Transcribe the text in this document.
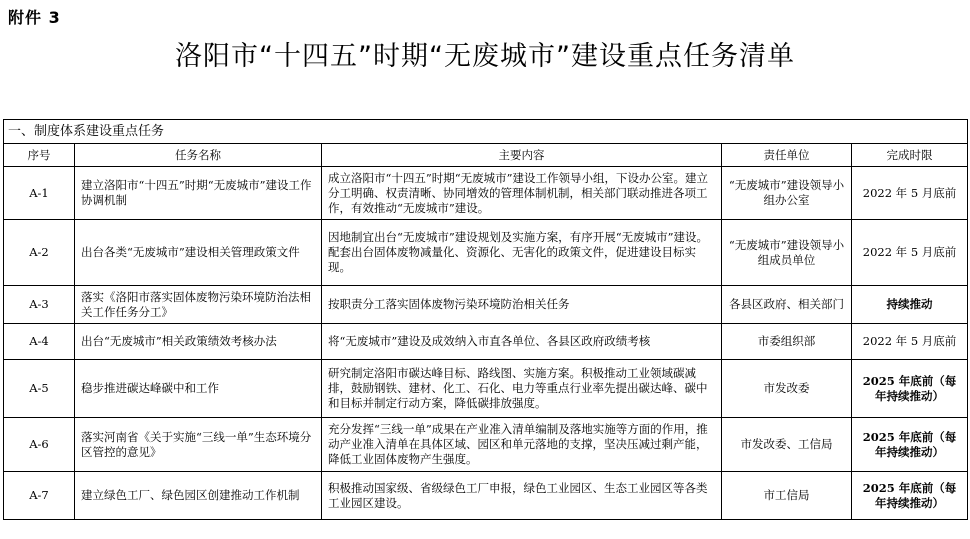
附件 3
洛阳市“十四五”时期“无废城市”建设重点任务清单
一、制度体系建设重点任务				
序号	任务名称	主要内容	责任单位	完成时限
A-1	建立洛阳市“十四五”时期“无废城市”建设工作协调机制	成立洛阳市“十四五”时期“无废城市”建设工作领导小组，下设办公室。建立分工明确、权责清晰、协同增效的管理体制机制，相关部门联动推进各项工作，有效推动“无废城市”建设。	“无废城市”建设领导小组办公室	2022 年 5 月底前
A-2	出台各类“无废城市”建设相关管理政策文件	因地制宜出台“无废城市”建设规划及实施方案，有序开展“无废城市”建设。配套出台固体废物减量化、资源化、无害化的政策文件，促进建设目标实现。	“无废城市”建设领导小组成员单位	2022 年 5 月底前
A-3	落实《洛阳市落实固体废物污染环境防治法相关工作任务分工》	按职责分工落实固体废物污染环境防治相关任务	各县区政府、相关部门	持续推动
A-4	出台“无废城市”相关政策绩效考核办法	将“无废城市”建设及成效纳入市直各单位、各县区政府政绩考核	市委组织部	2022 年 5 月底前
A-5	稳步推进碳达峰碳中和工作	研究制定洛阳市碳达峰目标、路线图、实施方案。积极推动工业领域碳减排，鼓励钢铁、建材、化工、石化、电力等重点行业率先提出碳达峰、碳中和目标并制定行动方案，降低碳排放强度。	市发改委	2025 年底前（每年持续推动）
A-6	落实河南省《关于实施“三线一单”生态环境分区管控的意见》	充分发挥“三线一单”成果在产业准入清单编制及落地实施等方面的作用，推动产业准入清单在具体区域、园区和单元落地的支撑，坚决压减过剩产能，降低工业固体废物产生强度。	市发改委、工信局	2025 年底前（每年持续推动）
A-7	建立绿色工厂、绿色园区创建推动工作机制	积极推动国家级、省级绿色工厂申报，绿色工业园区、生态工业园区等各类工业园区建设。	市工信局	2025 年底前（每年持续推动）
